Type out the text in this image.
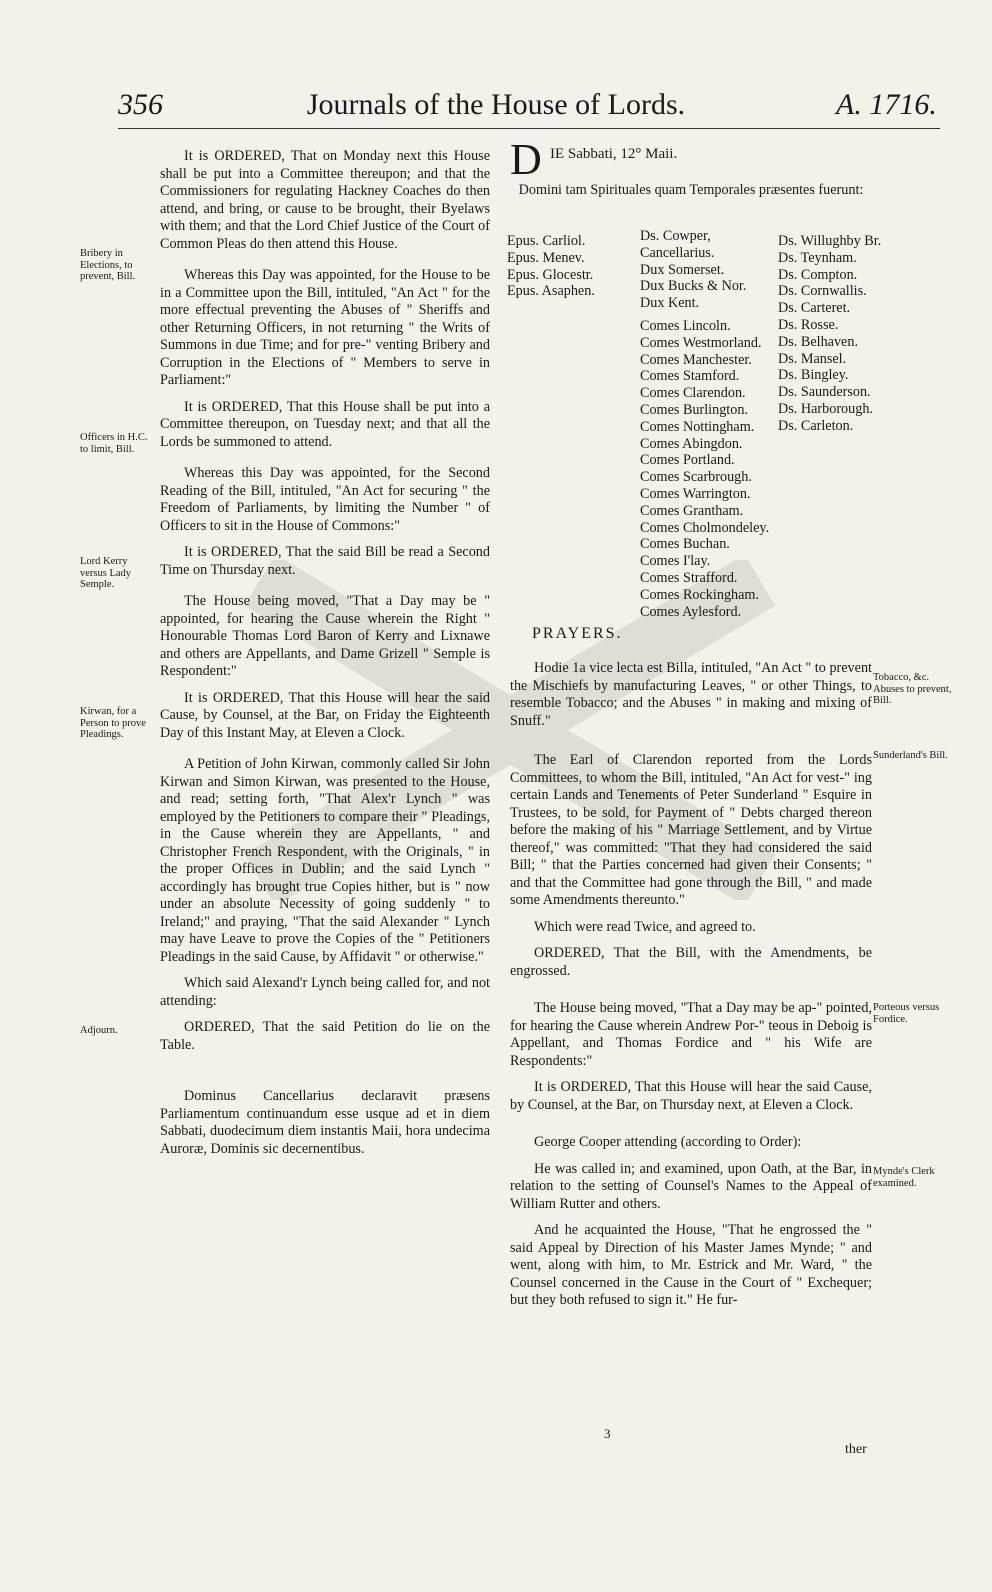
356	Journals of the House of Lords.	A. 1716.

It is ORDERED, That on Monday next this House shall be put into a Committee thereupon; and that the Commissioners for regulating Hackney Coaches do then attend, and bring, or cause to be brought, their Byelaws with them; and that the Lord Chief Justice of the Court of Common Pleas do then attend this House.

Whereas this Day was appointed, for the House to be in a Committee upon the Bill, intituled, "An Act " for the more effectual preventing the Abuses of " Sheriffs and other Returning Officers, in not returning " the Writs of Summons in due Time; and for pre-" venting Bribery and Corruption in the Elections of " Members to serve in Parliament:"

It is ORDERED, That this House shall be put into a Committee thereupon, on Tuesday next; and that all the Lords be summoned to attend.

Whereas this Day was appointed, for the Second Reading of the Bill, intituled, "An Act for securing " the Freedom of Parliaments, by limiting the Number " of Officers to sit in the House of Commons:"

It is ORDERED, That the said Bill be read a Second Time on Thursday next.

The House being moved, "That a Day may be " appointed, for hearing the Cause wherein the Right " Honourable Thomas Lord Baron of Kerry and Lixnawe and others are Appellants, and Dame Grizell " Semple is Respondent:"

It is ORDERED, That this House will hear the said Cause, by Counsel, at the Bar, on Friday the Eighteenth Day of this Instant May, at Eleven a Clock.

A Petition of John Kirwan, commonly called Sir John Kirwan and Simon Kirwan, was presented to the House, and read; setting forth, "That Alex'r Lynch " was employed by the Petitioners to compare their " Pleadings, in the Cause wherein they are Appellants, " and Christopher French Respondent, with the Originals, " in the proper Offices in Dublin; and the said Lynch " accordingly has brought true Copies hither, but is " now under an absolute Necessity of going suddenly " to Ireland;" and praying, "That the said Alexander " Lynch may have Leave to prove the Copies of the " Petitioners Pleadings in the said Cause, by Affidavit " or otherwise."

Which said Alexand'r Lynch being called for, and not attending:

ORDERED, That the said Petition do lie on the Table.

Dominus Cancellarius declaravit præsens Parliamentum continuandum esse usque ad et in diem Sabbati, duodecimum diem instantis Maii, hora undecima Auroræ, Dominis sic decernentibus.

Bribery in Elections, to prevent, Bill.
Officers in H.C. to limit, Bill.
Lord Kerry versus Lady Semple.
Kirwan, for a Person to prove Pleadings.
Adjourn.
D IE Sabbati, 12° Maii.
Domini tam Spirituales quam Temporales præsentes fuerunt:
Epus. Carliol.
Epus. Menev.
Epus. Glocestr.
Epus. Asaphen.
Ds. Cowper, Cancellarius.
Dux Somerset.
Dux Bucks & Nor.
Dux Kent.
Comes Lincoln.
Comes Westmorland.
Comes Manchester.
Comes Stamford.
Comes Clarendon.
Comes Burlington.
Comes Nottingham.
Comes Abingdon.
Comes Portland.
Comes Scarbrough.
Comes Warrington.
Comes Grantham.
Comes Cholmondeley.
Comes Buchan.
Comes I'lay.
Comes Strafford.
Comes Rockingham.
Comes Aylesford.
Ds. Willughby Br.
Ds. Teynham.
Ds. Compton.
Ds. Cornwallis.
Ds. Carteret.
Ds. Rosse.
Ds. Belhaven.
Ds. Mansel.
Ds. Bingley.
Ds. Saunderson.
Ds. Harborough.
Ds. Carleton.
PRAYERS.

Hodie 1a vice lecta est Billa, intituled, "An Act " to prevent the Mischiefs by manufacturing Leaves, " or other Things, to resemble Tobacco; and the Abuses " in making and mixing of Snuff."

The Earl of Clarendon reported from the Lords Committees, to whom the Bill, intituled, "An Act for vest-" ing certain Lands and Tenements of Peter Sunderland " Esquire in Trustees, to be sold, for Payment of " Debts charged thereon before the making of his " Marriage Settlement, and by Virtue thereof," was committed: "That they had considered the said Bill; " that the Parties concerned had given their Consents; " and that the Committee had gone through the Bill, " and made some Amendments thereunto."

Which were read Twice, and agreed to.

ORDERED, That the Bill, with the Amendments, be engrossed.

The House being moved, "That a Day may be ap-" pointed, for hearing the Cause wherein Andrew Por-" teous in Deboig is Appellant, and Thomas Fordice and " his Wife are Respondents:"

It is ORDERED, That this House will hear the said Cause, by Counsel, at the Bar, on Thursday next, at Eleven a Clock.

George Cooper attending (according to Order):

He was called in; and examined, upon Oath, at the Bar, in relation to the setting of Counsel's Names to the Appeal of William Rutter and others.

And he acquainted the House, "That he engrossed the " said Appeal by Direction of his Master James Mynde; " and went, along with him, to Mr. Estrick and Mr. Ward, " the Counsel concerned in the Cause in the Court of " Exchequer; but they both refused to sign it." He fur-

Tobacco, &c. Abuses to prevent, Bill.
Sunderland's Bill.
Porteous versus Fordice.
Mynde's Clerk examined.
3
ther
